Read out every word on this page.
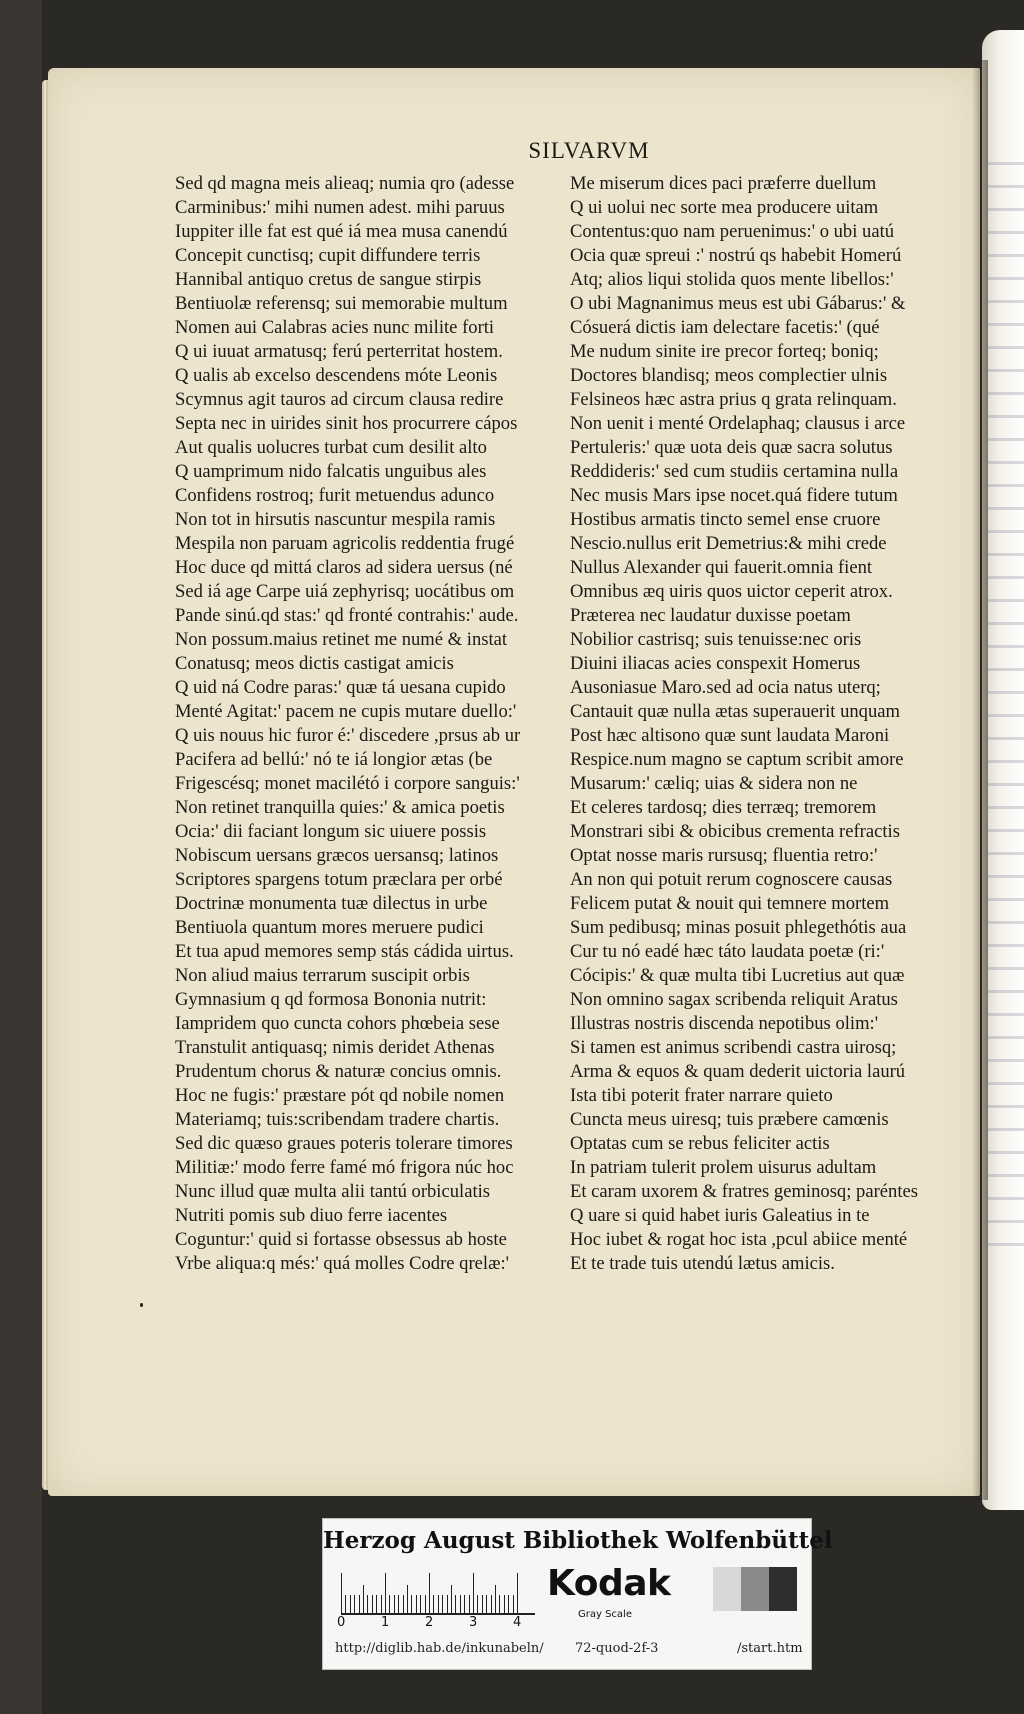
SILVARVM
Sed qd magna meis alieaq; numia qro (adesse
Carminibus:' mihi numen adest. mihi paruus
Iuppiter ille fat est qué iá mea musa canendú
Concepit cunctisq; cupit diffundere terris
Hannibal antiquo cretus de sangue stirpis
Bentiuolæ referensq; sui memorabie multum
Nomen aui Calabras acies nunc milite forti
Q ui iuuat armatusq; ferú perterritat hostem.
Q ualis ab excelso descendens móte Leonis
Scymnus agit tauros ad circum clausa redire
Septa nec in uirides sinit hos procurrere cápos
Aut qualis uolucres turbat cum desilit alto
Q uamprimum nido falcatis unguibus ales
Confidens rostroq; furit metuendus adunco
Non tot in hirsutis nascuntur mespila ramis
Mespila non paruam agricolis reddentia frugé
Hoc duce qd mittá claros ad sidera uersus (né
Sed iá age Carpe uiá zephyrisq; uocátibus om
Pande sinú.qd stas:' qd fronté contrahis:' aude.
Non possum.maius retinet me numé & instat
Conatusq; meos dictis castigat amicis
Q uid ná Codre paras:' quæ tá uesana cupido
Menté Agitat:' pacem ne cupis mutare duello:'
Q uis nouus hic furor é:' discedere ,prsus ab ur
Pacifera ad bellú:' nó te iá longior ætas (be
Frigescésq; monet macilétó i corpore sanguis:'
Non retinet tranquilla quies:' & amica poetis
Ocia:' dii faciant longum sic uiuere possis
Nobiscum uersans græcos uersansq; latinos
Scriptores spargens totum præclara per orbé
Doctrinæ monumenta tuæ dilectus in urbe
Bentiuola quantum mores meruere pudici
Et tua apud memores semp stás cádida uirtus.
Non aliud maius terrarum suscipit orbis
Gymnasium q qd formosa Bononia nutrit:
Iampridem quo cuncta cohors phœbeia sese
Transtulit antiquasq; nimis deridet Athenas
Prudentum chorus & naturæ concius omnis.
Hoc ne fugis:' præstare pót qd nobile nomen
Materiamq; tuis:scribendam tradere chartis.
Sed dic quæso graues poteris tolerare timores
Militiæ:' modo ferre famé mó frigora núc hoc
Nunc illud quæ multa alii tantú orbiculatis
Nutriti pomis sub diuo ferre iacentes
Coguntur:' quid si fortasse obsessus ab hoste
Vrbe aliqua:q més:' quá molles Codre qrelæ:'
Me miserum dices paci præferre duellum
Q ui uolui nec sorte mea producere uitam
Contentus:quo nam peruenimus:' o ubi uatú
Ocia quæ spreui :' nostrú qs habebit Homerú
Atq; alios liqui stolida quos mente libellos:'
O ubi Magnanimus meus est ubi Gábarus:' &
Cósuerá dictis iam delectare facetis:' (qué
Me nudum sinite ire precor forteq; boniq;
Doctores blandisq; meos complectier ulnis
Felsineos hæc astra prius q grata relinquam.
Non uenit i menté Ordelaphaq; clausus i arce
Pertuleris:' quæ uota deis quæ sacra solutus
Reddideris:' sed cum studiis certamina nulla
Nec musis Mars ipse nocet.quá fidere tutum
Hostibus armatis tincto semel ense cruore
Nescio.nullus erit Demetrius:& mihi crede
Nullus Alexander qui fauerit.omnia fient
Omnibus æq uiris quos uictor ceperit atrox.
Præterea nec laudatur duxisse poetam
Nobilior castrisq; suis tenuisse:nec oris
Diuini iliacas acies conspexit Homerus
Ausoniasue Maro.sed ad ocia natus uterq;
Cantauit quæ nulla ætas superauerit unquam
Post hæc altisono quæ sunt laudata Maroni
Respice.num magno se captum scribit amore
Musarum:' cæliq; uias & sidera non ne
Et celeres tardosq; dies terræq; tremorem
Monstrari sibi & obicibus crementa refractis
Optat nosse maris rursusq; fluentia retro:'
An non qui potuit rerum cognoscere causas
Felicem putat & nouit qui temnere mortem
Sum pedibusq; minas posuit phlegethótis aua
Cur tu nó eadé hæc táto laudata poetæ (ri:'
Cócipis:' & quæ multa tibi Lucretius aut quæ
Non omnino sagax scribenda reliquit Aratus
Illustras nostris discenda nepotibus olim:'
Si tamen est animus scribendi castra uirosq;
Arma & equos & quam dederit uictoria laurú
Ista tibi poterit frater narrare quieto
Cuncta meus uiresq; tuis præbere camœnis
Optatas cum se rebus feliciter actis
In patriam tulerit prolem uisurus adultam
Et caram uxorem & fratres geminosq; paréntes
Q uare si quid habet iuris Galeatius in te
Hoc iubet & rogat hoc ista ,pcul abiice menté
Et te trade tuis utendú lætus amicis.
Herzog August Bibliothek Wolfenbüttel
0	1	2	3	4
Kodak
Gray Scale
http://diglib.hab.de/inkunabeln/ 72-quod-2f-3	/start.htm
